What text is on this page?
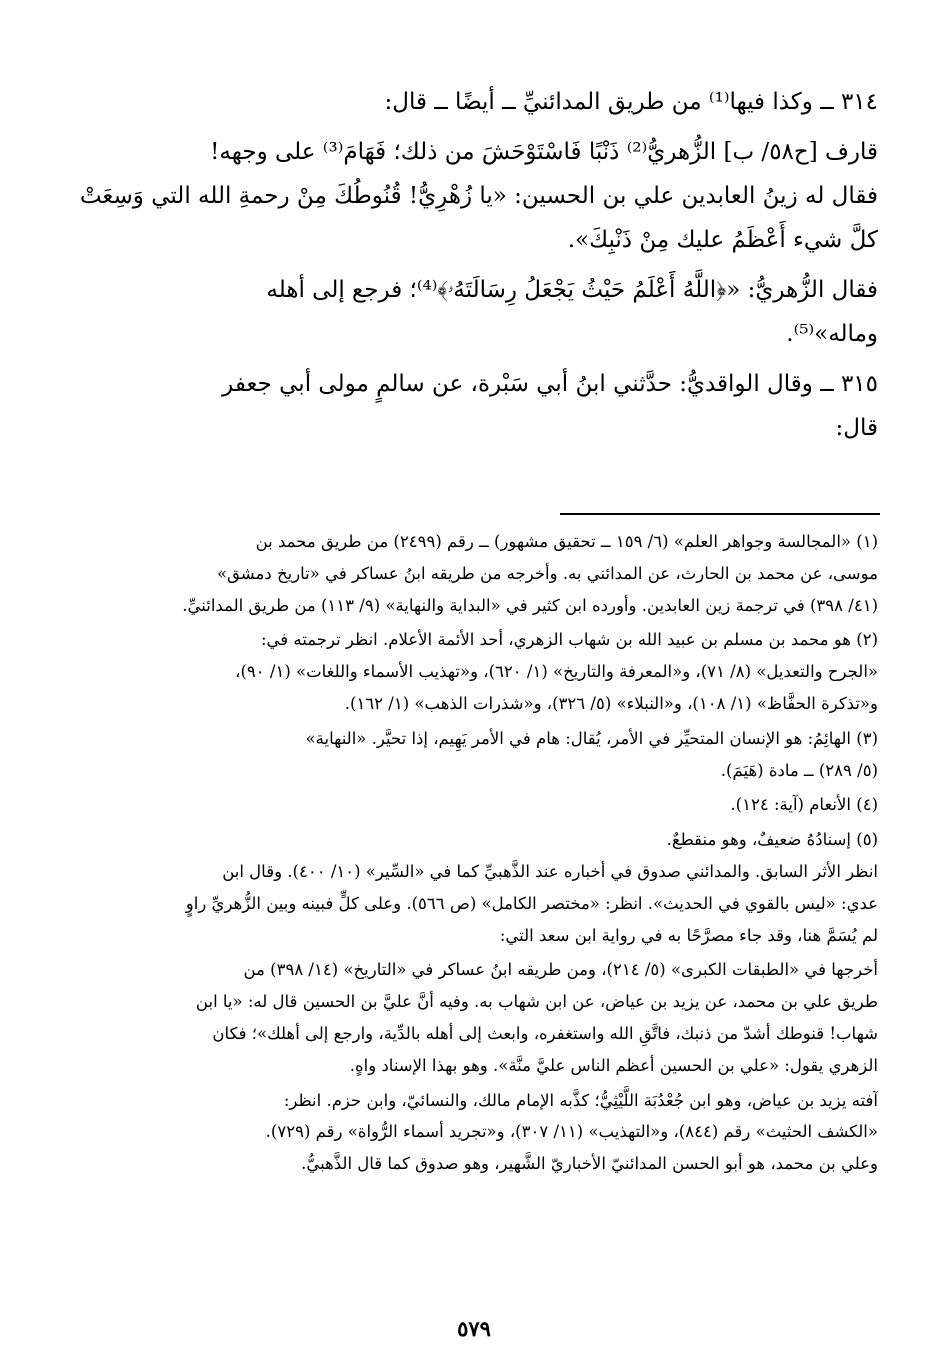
٣١٤ ــ وكذا فيها⁽¹⁾ من طريق المدائنيِّ ــ أيضًا ــ قال:

قارف [ح٥٨/ ب] الزُّهريُّ⁽²⁾ ذَنْبًا فَاسْتَوْحَشَ من ذلك؛ فَهَامَ⁽³⁾ على وجهه!

فقال له زينُ العابدين علي بن الحسين: «يا زُهْرِيُّ! قُنُوطُكَ مِنْ رحمةِ الله التي وَسِعَتْ

كلَّ شيء أَعْظَمُ عليك مِنْ ذَنْبِكَ».

فقال الزُّهريُّ: «﴿اللَّهُ أَعْلَمُ حَيْثُ يَجْعَلُ رِسَالَتَهُۥ﴾⁽⁴⁾؛ فرجع إلى أهله

وماله»⁽⁵⁾.

٣١٥ ــ وقال الواقديُّ: حدَّثني ابنُ أبي سَبْرة، عن سالمٍ مولى أبي جعفر

قال:

(١) «المجالسة وجواهر العلم» (٦/ ١٥٩ ــ تحقيق مشهور) ــ رقم (٢٤٩٩) من طريق محمد بن

موسى، عن محمد بن الحارث، عن المدائني به. وأخرجه من طريقه ابنُ عساكر في «تاريخ دمشق»

(٤١/ ٣٩٨) في ترجمة زين العابدين. وأورده ابن كثير في «البداية والنهاية» (٩/ ١١٣) من طريق المدائنيِّ.

(٢) هو محمد بن مسلم بن عبيد الله بن شهاب الزهري، أحد الأئمة الأعلام. انظر ترجمته في:

«الجرح والتعديل» (٨/ ٧١)، و«المعرفة والتاريخ» (١/ ٦٢٠)، و«تهذيب الأسماء واللغات» (١/ ٩٠)،

و«تذكرة الحفَّاظ» (١/ ١٠٨)، و«النبلاء» (٥/ ٣٢٦)، و«شذرات الذهب» (١/ ١٦٢).

(٣) الهائِمُ: هو الإنسان المتحيِّر في الأمر، يُقال: هام في الأمر يَهِيم، إذا تحيَّر. «النهاية»

(٥/ ٢٨٩) ــ مادة (هَيَمَ).

(٤) الأنعام (آية: ١٢٤).

(٥) إسنادُهُ ضعيفٌ، وهو منقطعٌ.

انظر الأثر السابق. والمدائني صدوق في أخباره عند الذَّهبيِّ كما في «السِّير» (١٠/ ٤٠٠). وقال ابن

عدي: «ليس بالقوي في الحديث». انظر: «مختصر الكامل» (ص ٥٦٦). وعلى كلٍّ فبينه وبين الزُّهريِّ راوٍ

لم يُسَمَّ هنا، وقد جاء مصرَّحًا به في رواية ابن سعد التي:

أخرجها في «الطبقات الكبرى» (٥/ ٢١٤)، ومن طريقه ابنُ عساكر في «التاريخ» (١٤/ ٣٩٨) من

طريق علي بن محمد، عن يزيد بن عياض، عن ابن شهاب به. وفيه أنَّ عليَّ بن الحسين قال له: «يا ابن

شهاب! قنوطك أشدّ من ذنبك، فاتَّقِ الله واستغفره، وابعث إلى أهله بالدِّية، وارجع إلى أهلك»؛ فكان

الزهري يقول: «علي بن الحسين أعظم الناس عليَّ منَّة». وهو بهذا الإسناد واهٍ.

آفته يزيد بن عياض، وهو ابن جُعْدُبَة اللَّيْثِيُّ؛ كذَّبه الإمام مالك، والنسائيّ، وابن حزم. انظر:

«الكشف الحثيث» رقم (٨٤٤)، و«التهذيب» (١١/ ٣٠٧)، و«تجريد أسماء الرُّواة» رقم (٧٢٩).

وعلي بن محمد، هو أبو الحسن المدائنيّ الأخباريّ الشَّهير، وهو صدوق كما قال الذَّهبيُّ.

٥٧٩
